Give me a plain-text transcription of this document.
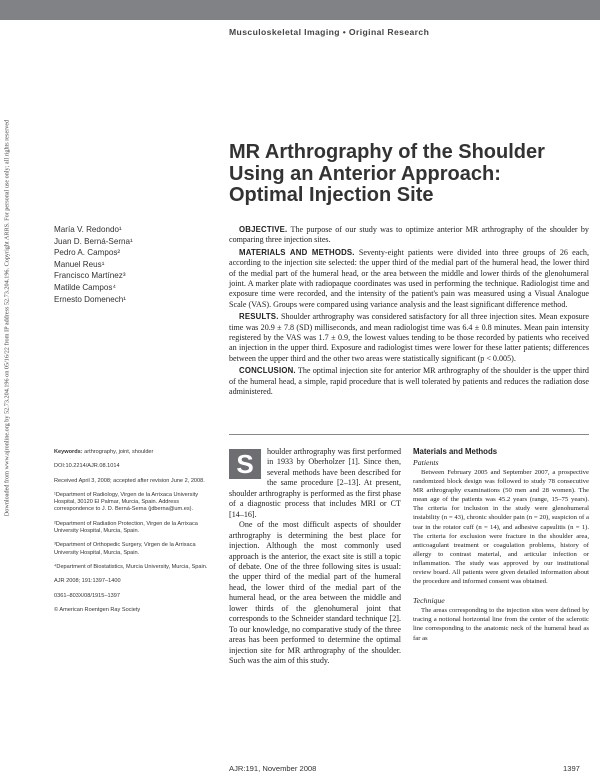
Musculoskeletal Imaging • Original Research
Downloaded from www.ajronline.org by 52.73.204.196 on 05/16/22 from IP address 52.73.204.196. Copyright ARRS. For personal use only; all rights reserved	MR Arthrography of the Shoulder
Using an Anterior Approach:
Optimal Injection Site
María V. Redondo¹
Juan D. Berná-Serna¹
Pedro A. Campos²
Manuel Reus¹
Francisco Martínez³
Matilde Campos⁴
Ernesto Domenech¹

OBJECTIVE. The purpose of our study was to optimize anterior MR arthrography of the shoulder by comparing three injection sites.

MATERIALS AND METHODS. Seventy-eight patients were divided into three groups of 26 each, according to the injection site selected: the upper third of the medial part of the humeral head, the lower third of the medial part of the humeral head, or the area between the middle and lower thirds of the glenohumeral joint. A marker plate with radiopaque coordinates was used in performing the technique. Radiologist time and exposure time were recorded, and the intensity of the patient's pain was measured using a Visual Analogue Scale (VAS). Groups were compared using variance analysis and the least significant difference method.

RESULTS. Shoulder arthrography was considered satisfactory for all three injection sites. Mean exposure time was 20.9 ± 7.8 (SD) milliseconds, and mean radiologist time was 6.4 ± 0.8 minutes. Mean pain intensity registered by the VAS was 1.7 ± 0.9, the lowest values tending to be those recorded by patients who received an injection in the upper third. Exposure and radiologist times were lower for these latter patients; differences between the upper third and the other two areas were statistically significant (p < 0.005).

CONCLUSION. The optimal injection site for anterior MR arthrography of the shoulder is the upper third of the humeral head, a simple, rapid procedure that is well tolerated by patients and reduces the radiation dose administered.

Keywords: arthrography, joint, shoulder

DOI:10.2214/AJR.08.1014

Received April 3, 2008; accepted after revision June 2, 2008.

¹Department of Radiology, Virgen de la Arrixaca University Hospital, 30120 El Palmar, Murcia, Spain. Address correspondence to J. D. Berná-Serna (jdberna@um.es).

²Department of Radiation Protection, Virgen de la Arrixaca University Hospital, Murcia, Spain.

³Department of Orthopedic Surgery, Virgen de la Arrixaca University Hospital, Murcia, Spain.

⁴Department of Biostatistics, Murcia University, Murcia, Spain.

AJR 2008; 191:1397–1400

0361–803X/08/1915–1397

© American Roentgen Ray Society

S	houlder arthrography was first performed in 1933 by Oberholzer [1]. Since then, several methods have been described for the same procedure [2–13]. At present, shoulder arthrography is performed as the first phase of a diagnostic process that includes MRI or CT [14–16].

One of the most difficult aspects of shoulder arthrography is determining the best place for injection. Although the most commonly used approach is the anterior, the exact site is still a topic of debate. One of the three following sites is usual: the upper third of the medial part of the humeral head, the lower third of the medial part of the humeral head, or the area between the middle and lower thirds of the glenohumeral joint that corresponds to the Schneider standard technique [2]. To our knowledge, no comparative study of the three areas has been performed to determine the optimal injection site for MR arthrography of the shoulder. Such was the aim of this study.

Materials and Methods
Patients

Between February 2005 and September 2007, a prospective randomized block design was followed to study 78 consecutive MR arthrography examinations (50 men and 28 women). The mean age of the patients was 45.2 years (range, 15–75 years). The criteria for inclusion in the study were glenohumeral instability (n = 43), chronic shoulder pain (n = 20), suspicion of a tear in the rotator cuff (n = 14), and adhesive capsulitis (n = 1). The criteria for exclusion were fracture in the shoulder area, anticoagulant treatment or coagulation problems, history of allergy to contrast material, and articular infection or inflammation. The study was approved by our institutional review board. All patients were given detailed information about the procedure and informed consent was obtained.

Technique

The areas corresponding to the injection sites were defined by tracing a notional horizontal line from the center of the sclerotic line corresponding to the anatomic neck of the humeral head as far as

AJR:191, November 2008	1397
